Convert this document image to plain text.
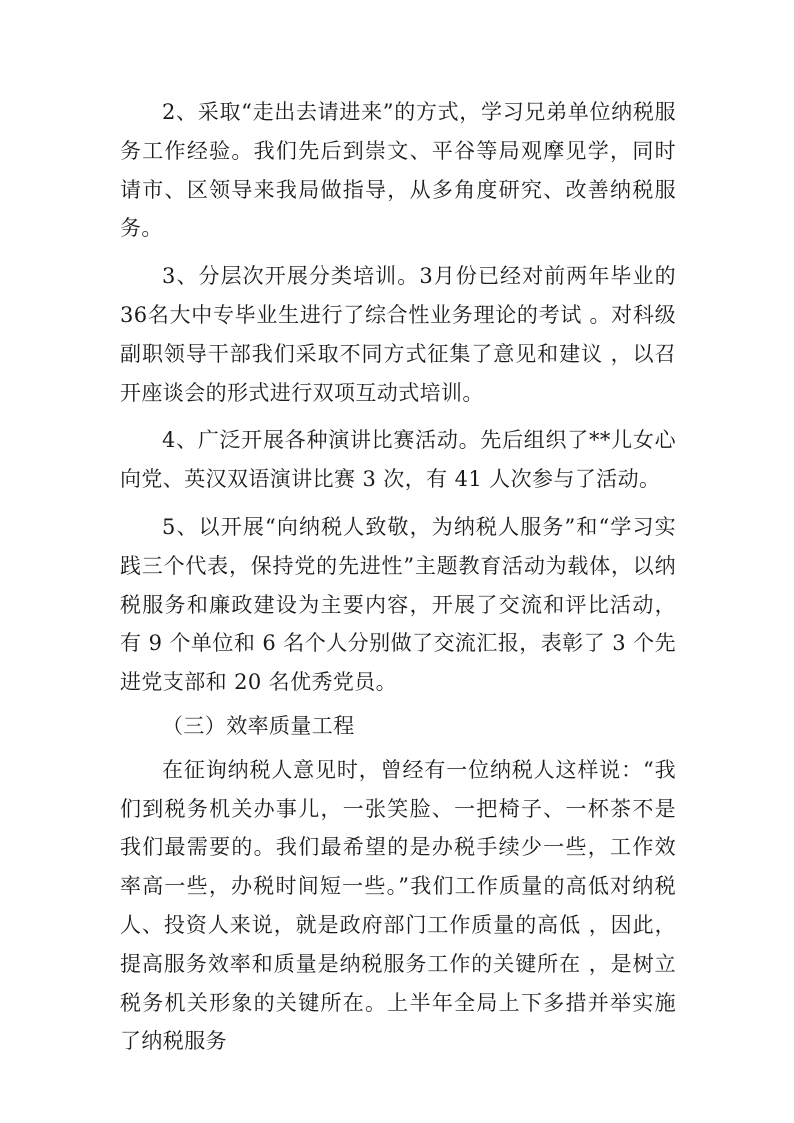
2、采取“走出去请进来”的方式，学习兄弟单位纳税服务工作经验。我们先后到崇文、平谷等局观摩见学，同时请市、区领导来我局做指导，从多角度研究、改善纳税服务。

3、分层次开展分类培训。3月份已经对前两年毕业的 36名大中专毕业生进行了综合性业务理论的考试 。对科级副职领导干部我们采取不同方式征集了意见和建议 ，以召开座谈会的形式进行双项互动式培训。

4、广泛开展各种演讲比赛活动。先后组织了**儿女心向党、英汉双语演讲比赛 3 次，有 41 人次参与了活动。

5、以开展“向纳税人致敬，为纳税人服务”和“学习实践三个代表，保持党的先进性”主题教育活动为载体，以纳税服务和廉政建设为主要内容，开展了交流和评比活动，有 9 个单位和 6 名个人分别做了交流汇报，表彰了 3 个先进党支部和 20 名优秀党员。

（三）效率质量工程

在征询纳税人意见时，曾经有一位纳税人这样说：“我们到税务机关办事儿，一张笑脸、一把椅子、一杯茶不是我们最需要的。我们最希望的是办税手续少一些，工作效率高一些，办税时间短一些。”我们工作质量的高低对纳税人、投资人来说，就是政府部门工作质量的高低 ，因此，提高服务效率和质量是纳税服务工作的关键所在 ，是树立税务机关形象的关键所在。上半年全局上下多措并举实施了纳税服务
